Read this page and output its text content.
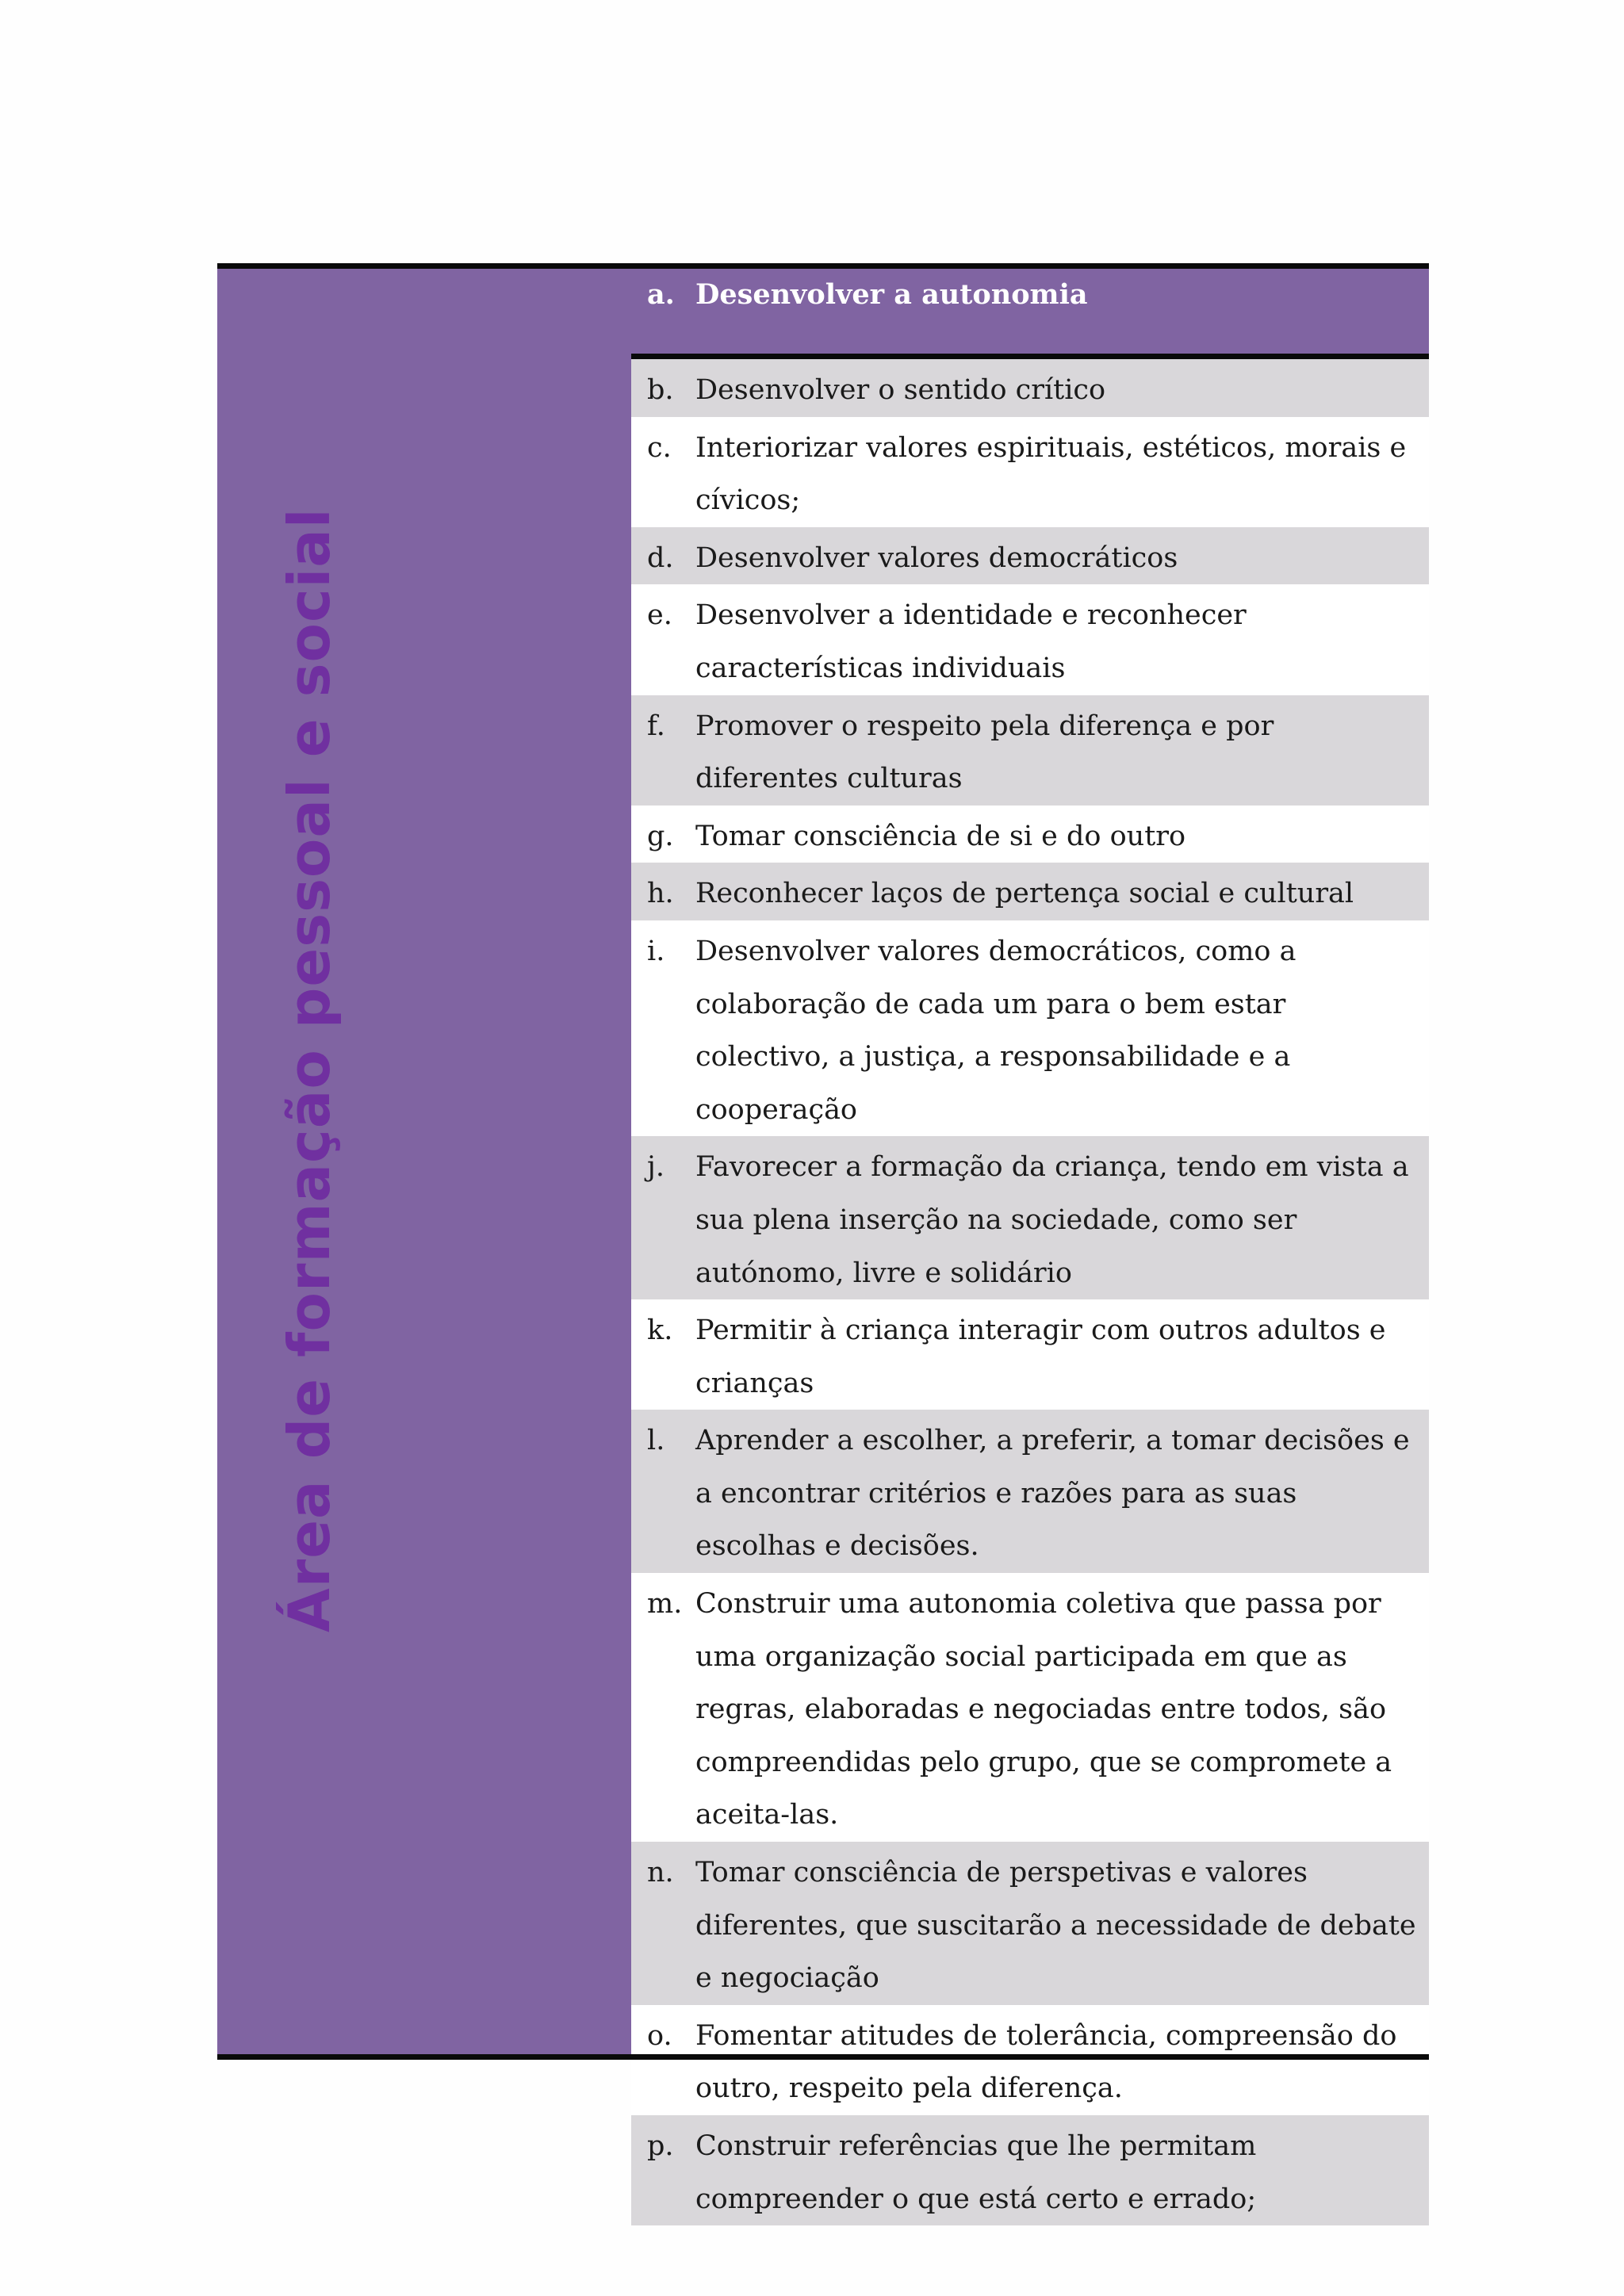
Área de formação pessoal e social
a. Desenvolver a autonomia
b. Desenvolver o sentido crítico
c. Interiorizar valores espirituais, estéticos, morais e cívicos;
d. Desenvolver valores democráticos
e. Desenvolver a identidade e reconhecer características individuais
f. Promover o respeito pela diferença e por diferentes culturas
g. Tomar consciência de si e do outro
h. Reconhecer laços de pertença social e cultural
i. Desenvolver valores democráticos, como a colaboração de cada um para o bem estar colectivo, a justiça, a responsabilidade e a cooperação
j. Favorecer a formação da criança, tendo em vista a sua plena inserção na sociedade, como ser autónomo, livre e solidário
k. Permitir à criança interagir com outros adultos e crianças
l. Aprender a escolher, a preferir, a tomar decisões e a encontrar critérios e razões para as suas escolhas e decisões.
m. Construir uma autonomia coletiva que passa por uma organização social participada em que as regras, elaboradas e negociadas entre todos, são compreendidas pelo grupo, que se compromete a aceita-las.
n. Tomar consciência de perspetivas e valores diferentes, que suscitarão a necessidade de debate e negociação
o. Fomentar atitudes de tolerância, compreensão do outro, respeito pela diferença.
p. Construir referências que lhe permitam compreender o que está certo e errado;
